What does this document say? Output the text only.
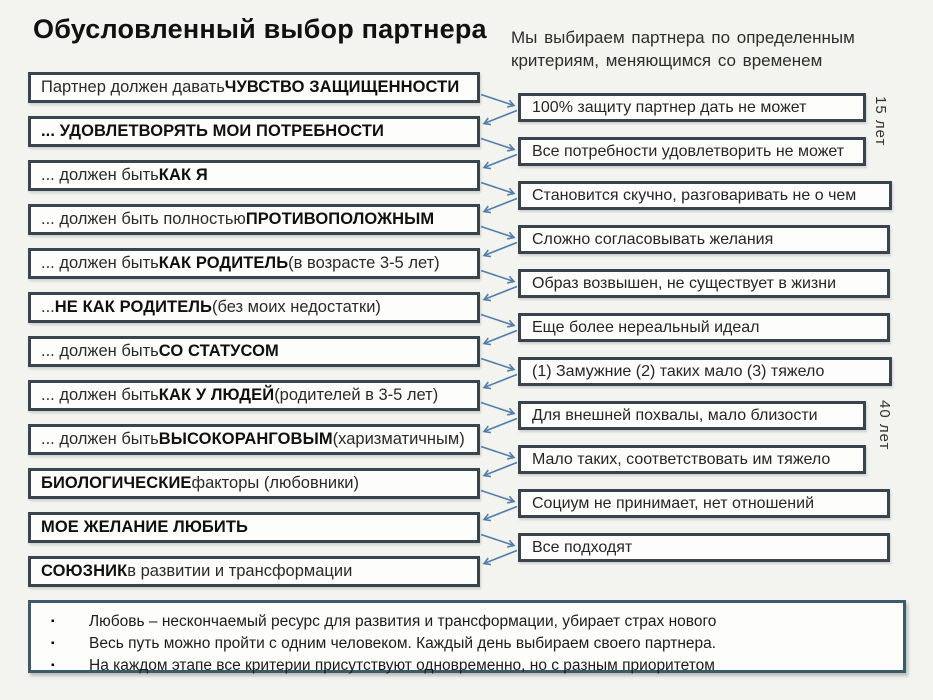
Обусловленный выбор партнера	Мы выбираем партнера по определенным критериям, меняющимся со временем
Партнер должен давать ЧУВСТВО ЗАЩИЩЕННОСТИ
... УДОВЛЕТВОРЯТЬ МОИ ПОТРЕБНОСТИ
... должен быть КАК Я
... должен быть полностью ПРОТИВОПОЛОЖНЫМ
... должен быть КАК РОДИТЕЛЬ (в возрасте 3-5 лет)
... НЕ КАК РОДИТЕЛЬ (без моих недостатки)
... должен быть СО СТАТУСОМ
... должен быть КАК У ЛЮДЕЙ (родителей в 3-5 лет)
... должен быть ВЫСОКОРАНГОВЫМ (харизматичным)
БИОЛОГИЧЕСКИЕ факторы (любовники)
МОЕ ЖЕЛАНИЕ ЛЮБИТЬ
СОЮЗНИК в развитии и трансформации
100% защиту партнер дать не может
Все потребности удовлетворить не может
Становится скучно, разговаривать не о чем
Сложно согласовывать желания
Образ возвышен, не существует в жизни
Еще более нереальный идеал
(1) Замужние (2) таких мало (3) тяжело
Для внешней похвалы, мало близости
Мало таких, соответствовать им тяжело
Социум не принимает, нет отношений
Все подходят
15 лет
40 лет
▪	Любовь – нескончаемый ресурс для развития и трансформации, убирает страх нового
▪	Весь путь можно пройти с одним человеком. Каждый день выбираем своего партнера.
▪	На каждом этапе все критерии присутствуют одновременно, но с разным приоритетом
